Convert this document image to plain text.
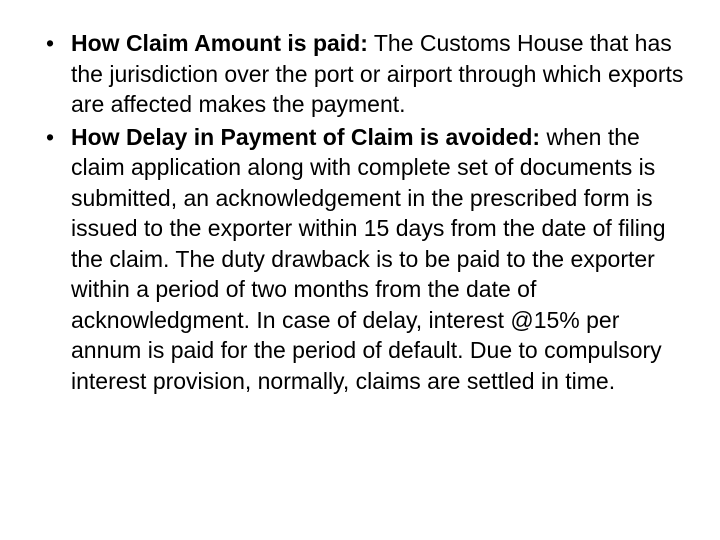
• How Claim Amount is paid: The Customs House that has the jurisdiction over the port or airport through which exports are affected makes the payment.
• How Delay in Payment of Claim is avoided: when the claim application along with complete set of documents is submitted, an acknowledgement in the prescribed form is issued to the exporter within 15 days from the date of filing the claim. The duty drawback is to be paid to the exporter within a period of two months from the date of acknowledgment. In case of delay, interest @15% per annum is paid for the period of default. Due to compulsory interest provision, normally, claims are settled in time.
